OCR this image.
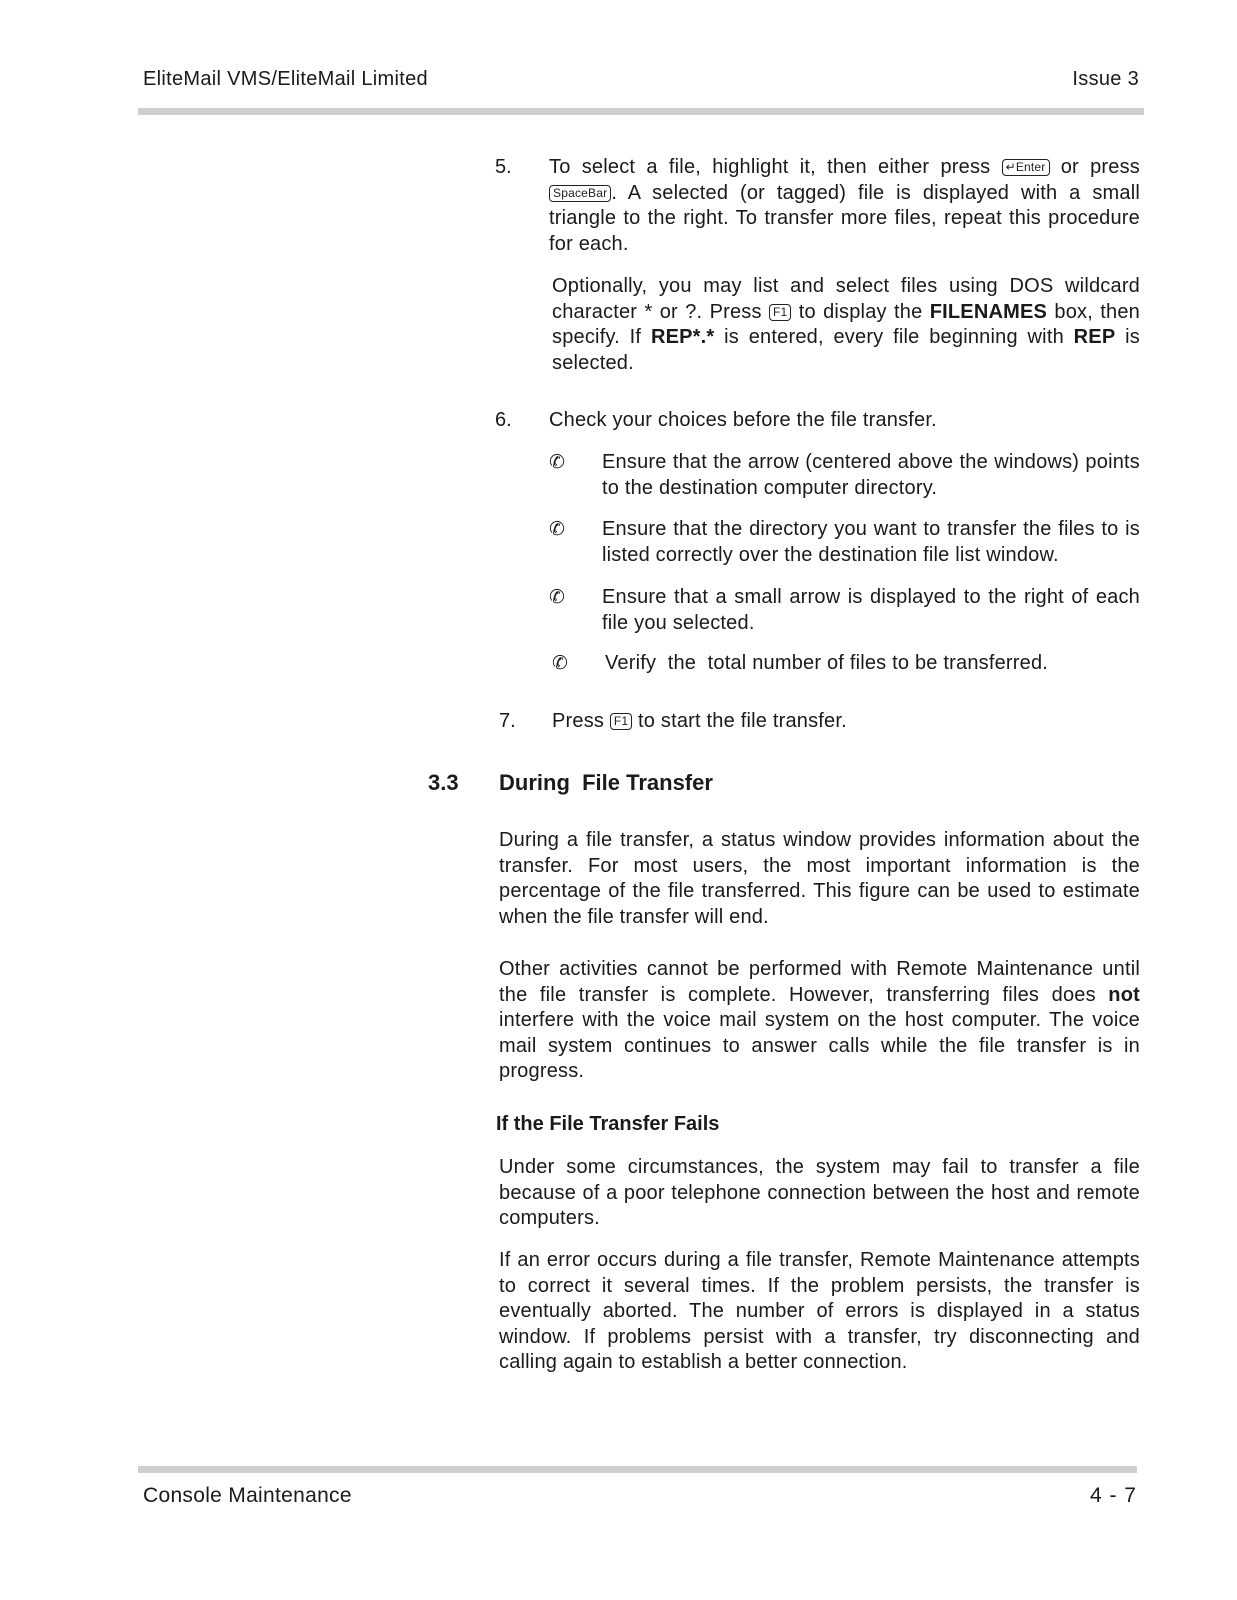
EliteMail VMS/EliteMail Limited	Issue 3
5. To select a file, highlight it, then either press ↵Enter or press SpaceBar . A selected (or tagged) file is displayed with a small triangle to the right. To transfer more files, repeat this procedure for each.

Optionally, you may list and select files using DOS wildcard character * or ?. Press F1 to display the FILENAMES box, then specify. If REP*.* is entered, every file beginning with REP is selected.

6. Check your choices before the file transfer.
✆ Ensure that the arrow (centered above the windows) points to the destination computer directory.

✆ Ensure that the directory you want to transfer the files to is listed correctly over the destination file list window.

✆ Ensure that a small arrow is displayed to the right of each file you selected.

✆ Verify  the  total number of files to be transferred.

7. Press F1 to start the file transfer.

3.3 During  File Transfer

During a file transfer, a status window provides information about the transfer. For most users, the most important information is the percentage of the file transferred. This figure can be used to estimate when the file transfer will end.

Other activities cannot be performed with Remote Maintenance until the file transfer is complete. However, transferring files does not interfere with the voice mail system on the host computer. The voice mail system continues to answer calls while the file transfer is in progress.

If the File Transfer Fails

Under some circumstances, the system may fail to transfer a file because of a poor telephone connection between the host and remote computers.

If an error occurs during a file transfer, Remote Maintenance attempts to correct it several times. If the problem persists, the transfer is eventually aborted. The number of errors is displayed in a status window. If problems persist with a transfer, try disconnecting and calling again to establish a better connection.

Console Maintenance	4 - 7
